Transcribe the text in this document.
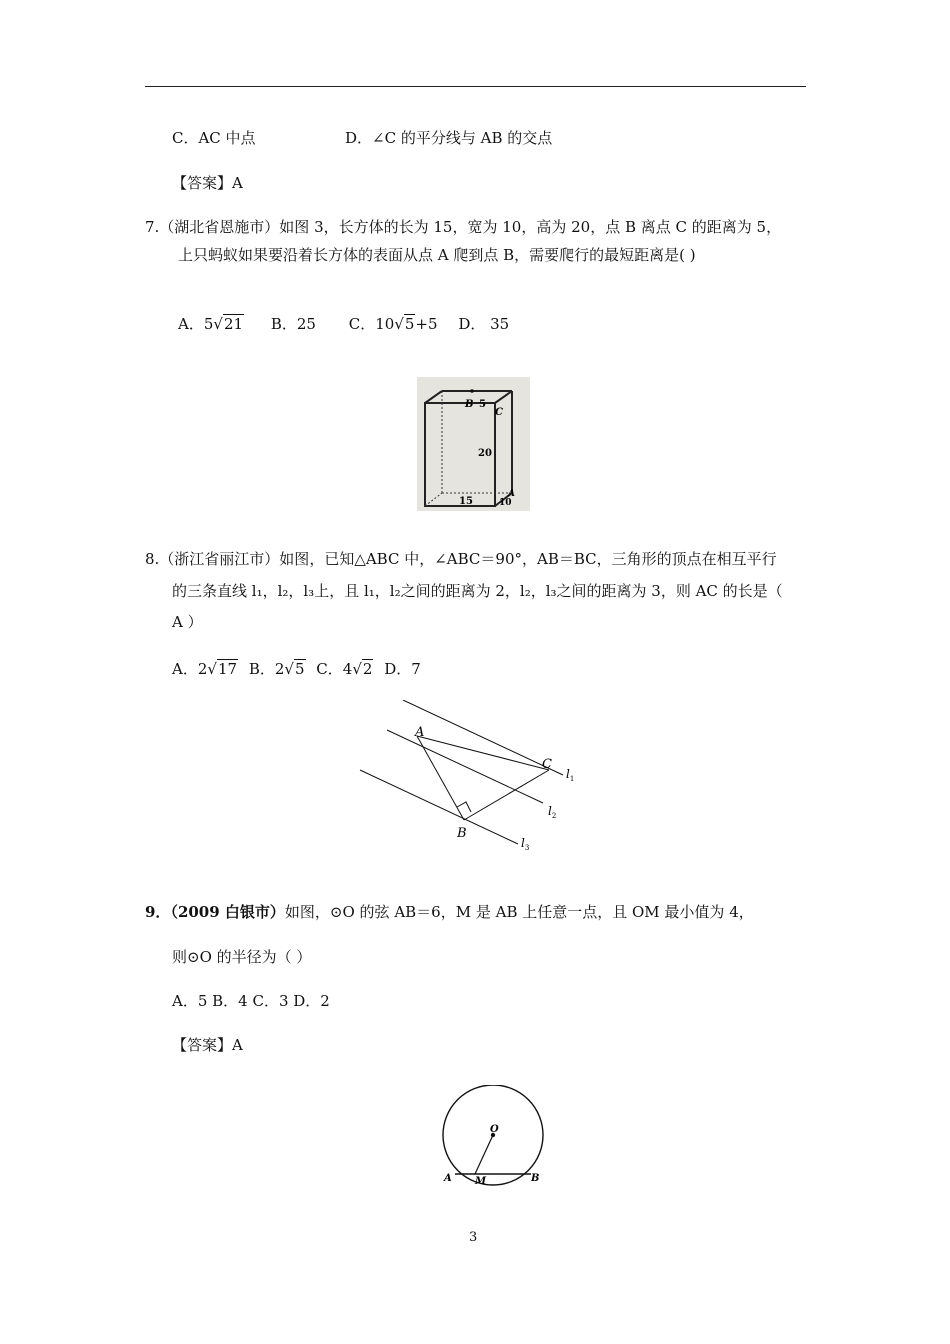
C．AC 中点	D．∠C 的平分线与 AB 的交点
【答案】A
7.（湖北省恩施市）如图 3，长方体的长为 15，宽为 10，高为 20，点 B 离点 C 的距离为 5，
上只蚂蚁如果要沿着长方体的表面从点 A 爬到点 B，需要爬行的最短距离是( )
A．5√21 B．25 C．10√5+5 D． 35
B 5
C
20
15	10
A
8.（浙江省丽江市）如图，已知△ABC 中，∠ABC＝90°，AB＝BC，三角形的顶点在相互平行
的三条直线 l₁，l₂，l₃上，且 l₁，l₂之间的距离为 2，l₂，l₃之间的距离为 3，则 AC 的长是（
A ）
A．2√17 B．2√5 C．4√2 D．7
A
C
B
$l_1$
$l_2$
$l_3$
9．（2009 白银市）如图，⊙O 的弦 AB＝6，M 是 AB 上任意一点，且 OM 最小值为 4，
则⊙O 的半径为（ ）
A．5 B．4 C．3 D．2
【答案】A
O
A M	B
3
